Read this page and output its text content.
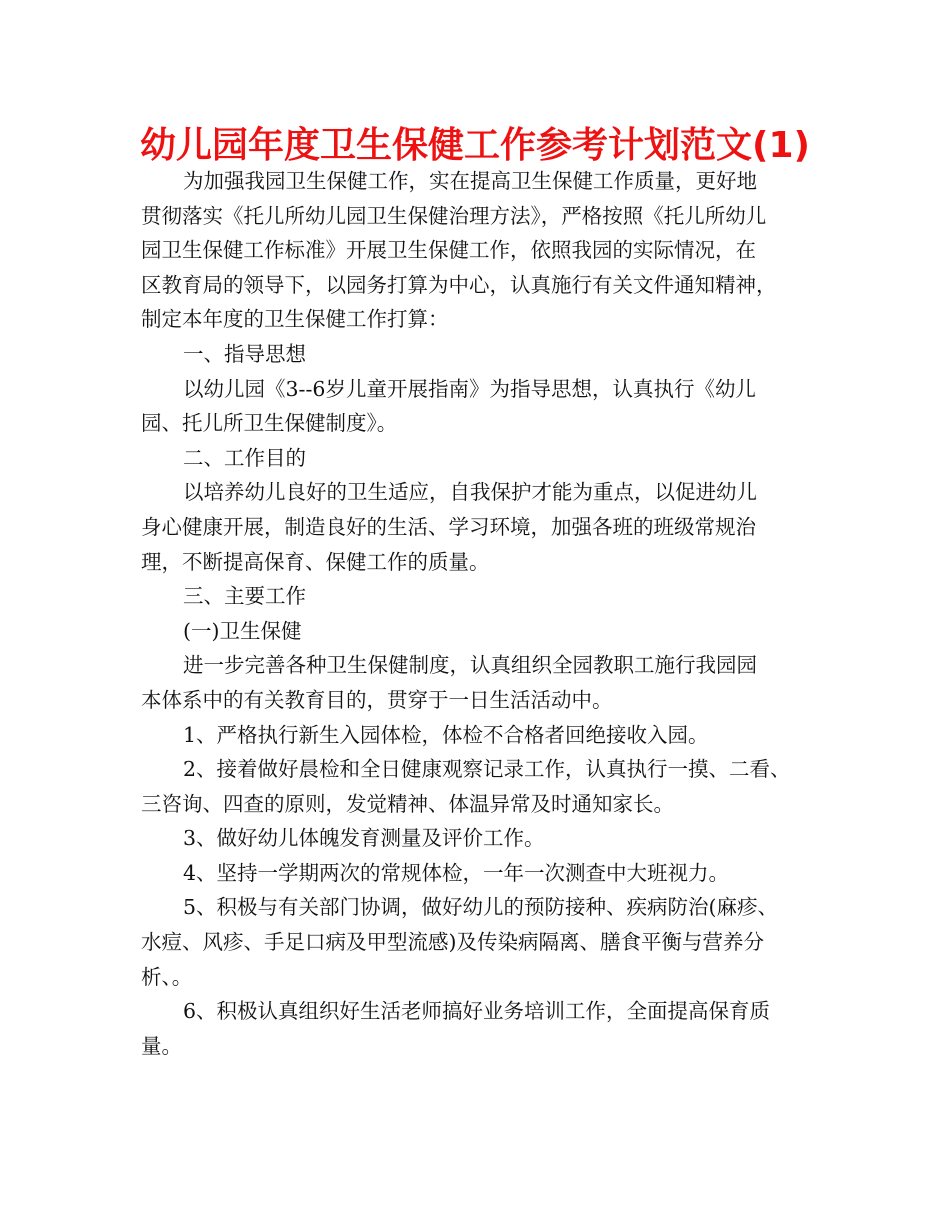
幼儿园年度卫生保健工作参考计划范文(1)
为加强我园卫生保健工作，实在提高卫生保健工作质量，更好地
贯彻落实《托儿所幼儿园卫生保健治理方法》，严格按照《托儿所幼儿
园卫生保健工作标准》开展卫生保健工作，依照我园的实际情况，在
区教育局的领导下，以园务打算为中心，认真施行有关文件通知精神，
制定本年度的卫生保健工作打算：
一、指导思想
以幼儿园《3--6岁儿童开展指南》为指导思想，认真执行《幼儿
园、托儿所卫生保健制度》。
二、工作目的
以培养幼儿良好的卫生适应，自我保护才能为重点，以促进幼儿
身心健康开展，制造良好的生活、学习环境，加强各班的班级常规治
理，不断提高保育、保健工作的质量。
三、主要工作
(一)卫生保健
进一步完善各种卫生保健制度，认真组织全园教职工施行我园园
本体系中的有关教育目的，贯穿于一日生活活动中。
1、严格执行新生入园体检，体检不合格者回绝接收入园。
2、接着做好晨检和全日健康观察记录工作，认真执行一摸、二看、
三咨询、四查的原则，发觉精神、体温异常及时通知家长。
3、做好幼儿体魄发育测量及评价工作。
4、坚持一学期两次的常规体检，一年一次测查中大班视力。
5、积极与有关部门协调，做好幼儿的预防接种、疾病防治(麻疹、
水痘、风疹、手足口病及甲型流感)及传染病隔离、膳食平衡与营养分
析、。
6、积极认真组织好生活老师搞好业务培训工作，全面提高保育质
量。
